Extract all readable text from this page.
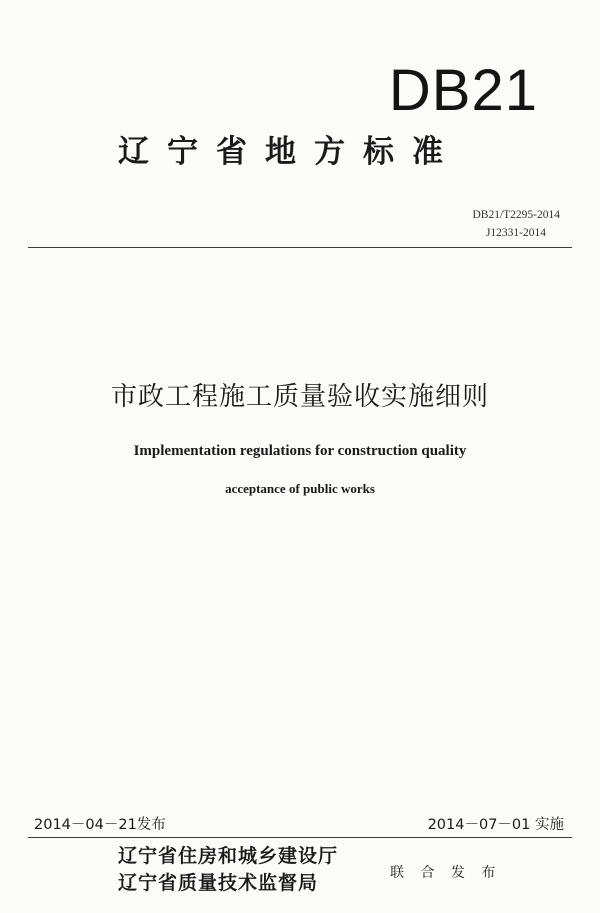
DB21
辽宁省地方标准
DB21/T2295-2014
J12331-2014
市政工程施工质量验收实施细则
Implementation regulations for construction quality
acceptance of public works
2014－04－21发布	2014－07－01 实施
辽宁省住房和城乡建设厅
辽宁省质量技术监督局	联 合 发 布
